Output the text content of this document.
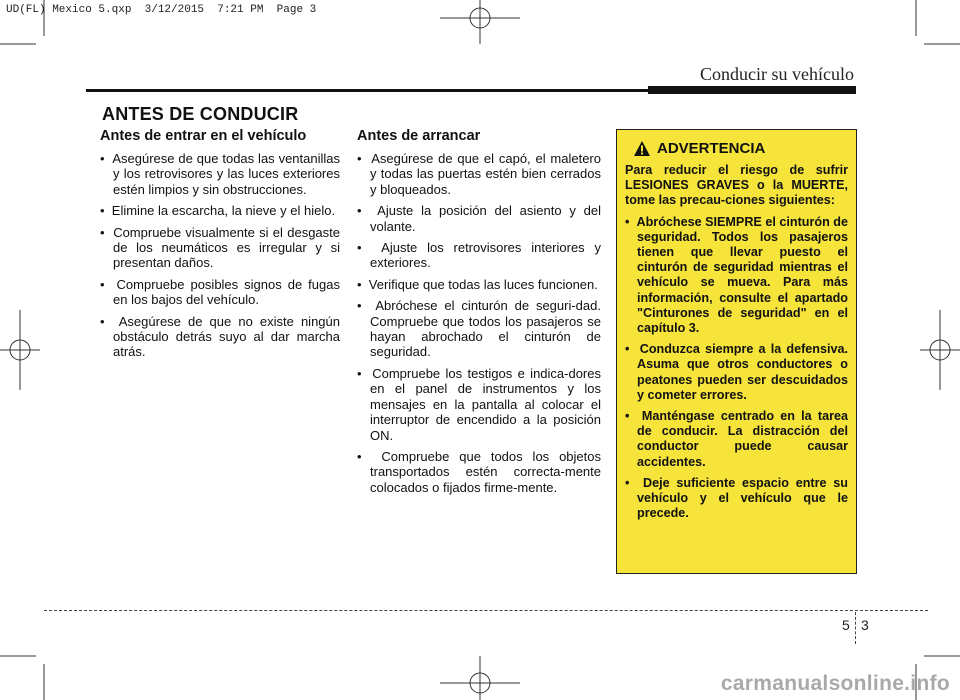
UD(FL) Mexico 5.qxp  3/12/2015  7:21 PM  Page 3
Conducir su vehículo
ANTES DE CONDUCIR
Antes de entrar en el vehículo
•  Asegúrese de que todas las ventanillas y los retrovisores y las luces exteriores estén limpios y sin obstrucciones.
•  Elimine la escarcha, la nieve y el hielo.
•  Compruebe visualmente si el desgaste de los neumáticos es irregular y si presentan daños.
•  Compruebe posibles signos de fugas en los bajos del vehículo.
•  Asegúrese de que no existe ningún obstáculo detrás suyo al dar marcha atrás.
Antes de arrancar
•  Asegúrese de que el capó, el maletero y todas las puertas estén bien cerrados y bloqueados.
•  Ajuste la posición del asiento y del volante.
•  Ajuste los retrovisores interiores y exteriores.
•  Verifique que todas las luces funcionen.
•  Abróchese el cinturón de seguri-dad. Compruebe que todos los pasajeros se hayan abrochado el cinturón de seguridad.
•  Compruebe los testigos e indica-dores en el panel de instrumentos y los mensajes en la pantalla al colocar el interruptor de encendido a la posición ON.
•  Compruebe que todos los objetos transportados estén correcta-mente colocados o fijados firme-mente.
ADVERTENCIA

Para reducir el riesgo de sufrir LESIONES GRAVES o la MUERTE, tome las precau-ciones siguientes:

•  Abróchese SIEMPRE el cinturón de seguridad. Todos los pasajeros tienen que llevar puesto el cinturón de seguridad mientras el vehículo se mueva. Para más información, consulte el apartado "Cinturones de seguridad" en el capítulo 3.
•  Conduzca siempre a la defensiva. Asuma que otros conductores o peatones pueden ser descuidados y cometer errores.
•  Manténgase centrado en la tarea de conducir. La distracción del conductor puede causar accidentes.
•  Deje suficiente espacio entre su vehículo y el vehículo que le precede.
5 3
carmanualsonline.info
